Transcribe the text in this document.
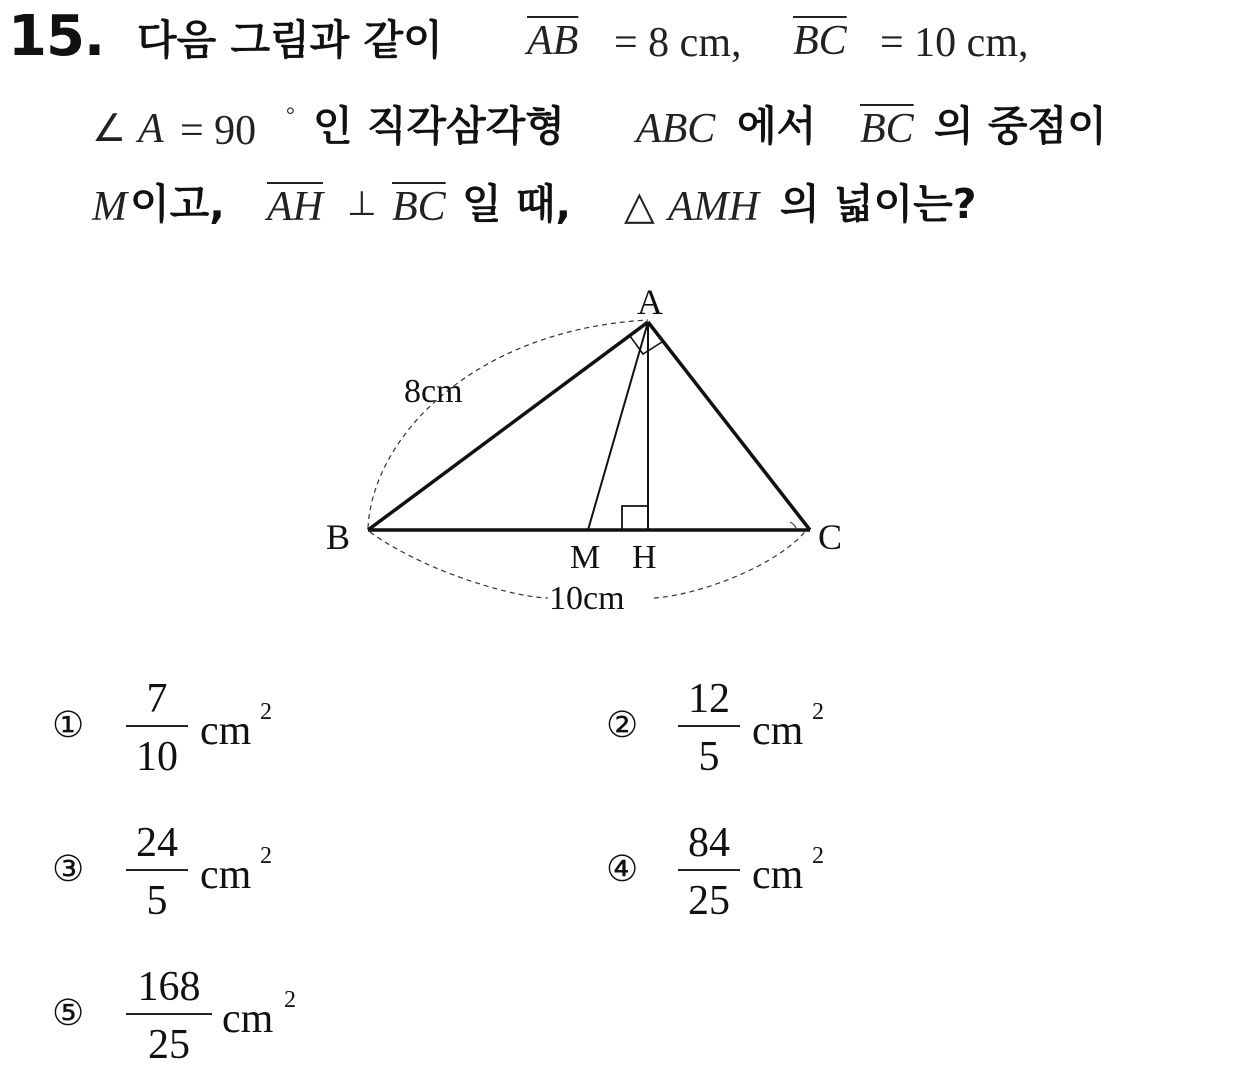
15. 다음 그림과 같이 $\overline{AB} = 8$ cm, $\overline{BC} = 10$ cm,
∠ A = 90 ° 인 직각삼각형 ABC 에서 $\overline{BC}$ 의 중점이
M 이고, $\overline{AH}$ ⊥ $\overline{BC}$ 일 때, △ AMH 의 넓이는?
A
B	C
M H
8cm
10cm
①
7
10
cm 2	②
12
5
cm 2
③
24
5
cm 2	④
84
25
cm 2
⑤
168
25
cm 2
